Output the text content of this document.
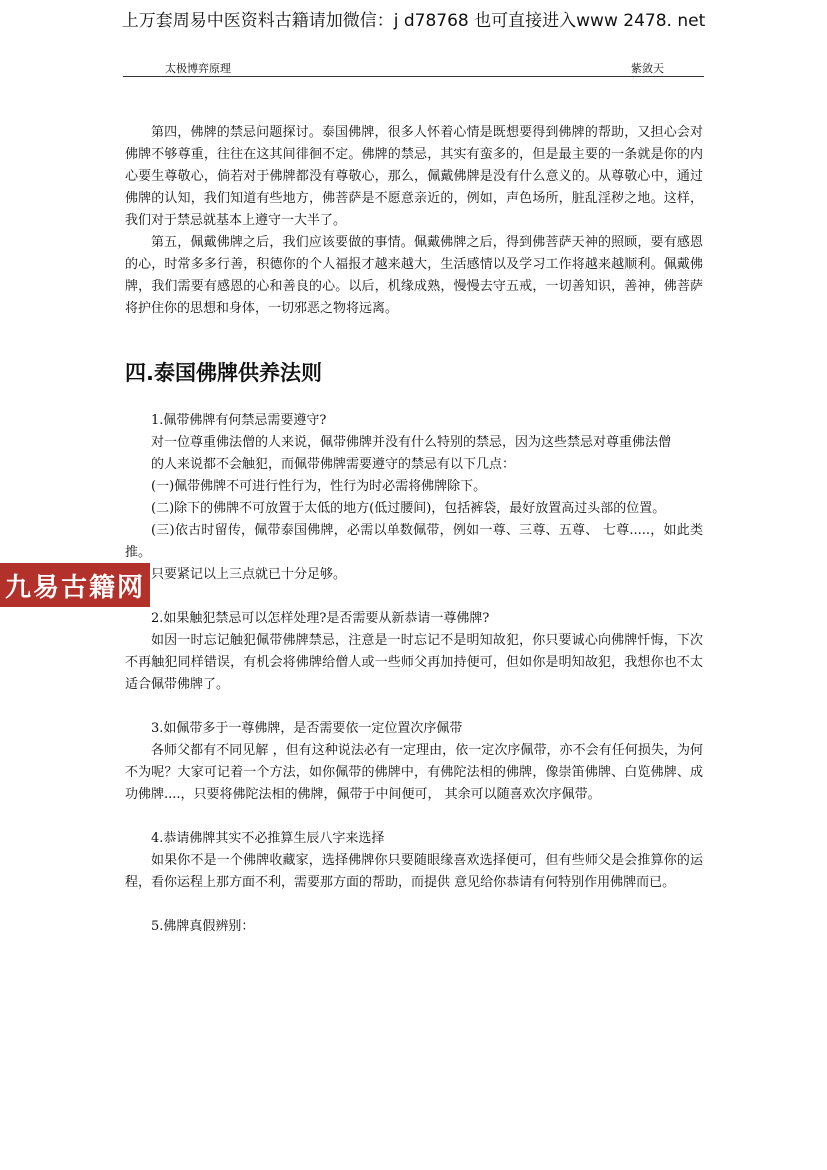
上万套周易中医资料古籍请加微信：j d78768 也可直接进入www 2478. net
太极博弈原理	紫敛天

第四，佛牌的禁忌问题探讨。泰国佛牌，很多人怀着心情是既想要得到佛牌的帮助，又担心会对佛牌不够尊重，往往在这其间徘徊不定。佛牌的禁忌，其实有蛮多的，但是最主要的一条就是你的内心要生尊敬心，倘若对于佛牌都没有尊敬心，那么，佩戴佛牌是没有什么意义的。从尊敬心中，通过佛牌的认知，我们知道有些地方，佛菩萨是不愿意亲近的，例如，声色场所，脏乱淫秽之地。这样，我们对于禁忌就基本上遵守一大半了。

第五，佩戴佛牌之后，我们应该要做的事情。佩戴佛牌之后，得到佛菩萨天神的照顾，要有感恩的心，时常多多行善，积德你的个人福报才越来越大，生活感情以及学习工作将越来越顺利。佩戴佛牌，我们需要有感恩的心和善良的心。以后，机缘成熟，慢慢去守五戒，一切善知识，善神，佛菩萨将护住你的思想和身体，一切邪恶之物将远离。

四.泰国佛牌供养法则

1.佩带佛牌有何禁忌需要遵守?

对一位尊重佛法僧的人来说，佩带佛牌并没有什么特别的禁忌，因为这些禁忌对尊重佛法僧

的人来说都不会触犯，而佩带佛牌需要遵守的禁忌有以下几点：

(一)佩带佛牌不可进行性行为，性行为时必需将佛牌除下。

(二)除下的佛牌不可放置于太低的地方(低过腰间)，包括裤袋，最好放置高过头部的位置。

(三)依古时留传，佩带泰国佛牌，必需以单数佩带，例如一尊、三尊、五尊、 七尊.....，如此类推。

只要紧记以上三点就已十分足够。

2.如果触犯禁忌可以怎样处理?是否需要从新恭请一尊佛牌?

如因一时忘记触犯佩带佛牌禁忌，注意是一时忘记不是明知故犯，你只要诚心向佛牌忏悔，下次不再触犯同样错误，有机会将佛牌给僧人或一些师父再加持便可，但如你是明知故犯，我想你也不太适合佩带佛牌了。

3.如佩带多于一尊佛牌，是否需要依一定位置次序佩带

各师父都有不同见解 ，但有这种说法必有一定理由，依一定次序佩带，亦不会有任何损失，为何不为呢？大家可记着一个方法，如你佩带的佛牌中，有佛陀法相的佛牌，像崇笛佛牌、白览佛牌、成功佛牌....，只要将佛陀法相的佛牌，佩带于中间便可， 其余可以随喜欢次序佩带。

4.恭请佛牌其实不必推算生辰八字来选择

如果你不是一个佛牌收藏家，选择佛牌你只要随眼缘喜欢选择便可，但有些师父是会推算你的运程，看你运程上那方面不利，需要那方面的帮助，而提供 意见给你恭请有何特别作用佛牌而已。

5.佛牌真假辨别：

九易古籍网
